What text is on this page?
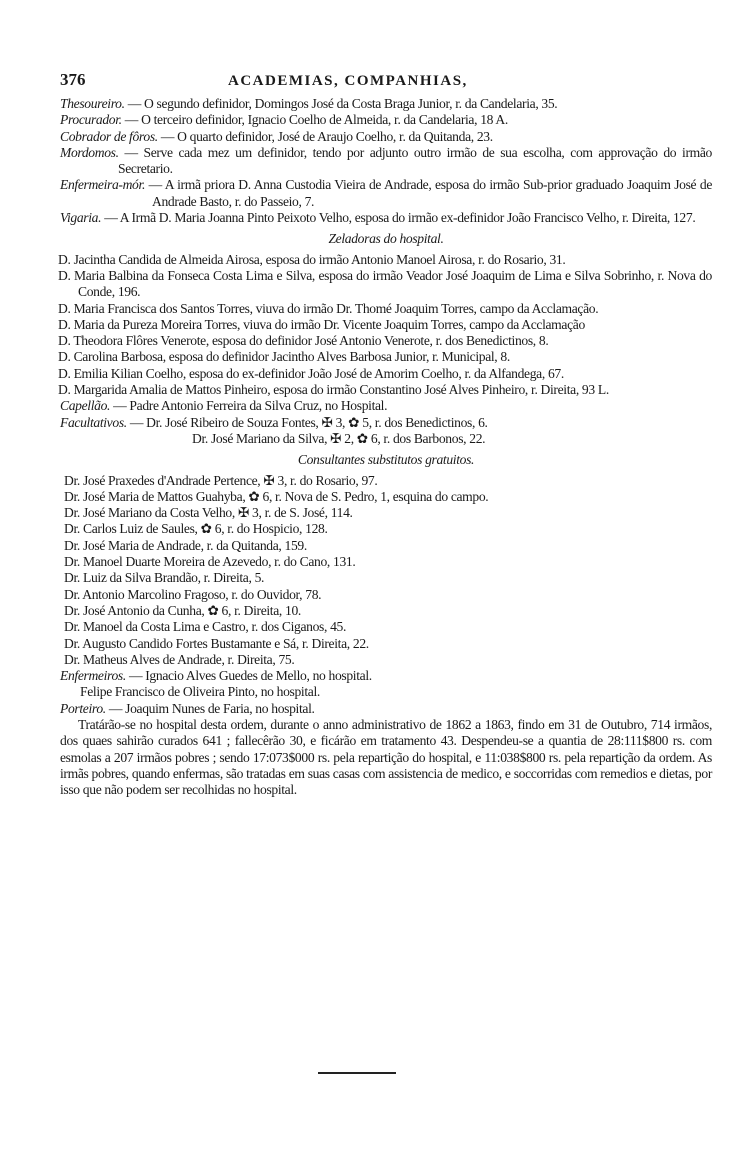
376	ACADEMIAS, COMPANHIAS,
Thesoureiro. — O segundo definidor, Domingos José da Costa Braga Junior, r. da Candelaria, 35.
Procurador. — O terceiro definidor, Ignacio Coelho de Almeida, r. da Candelaria, 18 A.
Cobrador de fôros. — O quarto definidor, José de Araujo Coelho, r. da Quitanda, 23.
Mordomos. — Serve cada mez um definidor, tendo por adjunto outro irmão de sua escolha, com approvação do irmão Secretario.
Enfermeira-mór. — A irmã priora D. Anna Custodia Vieira de Andrade, esposa do irmão Sub-prior graduado Joaquim José de Andrade Basto, r. do Passeio, 7.
Vigaria. — A Irmã D. Maria Joanna Pinto Peixoto Velho, esposa do irmão ex-definidor João Francisco Velho, r. Direita, 127.
Zeladoras do hospital.
D. Jacintha Candida de Almeida Airosa, esposa do irmão Antonio Manoel Airosa, r. do Rosario, 31.
D. Maria Balbina da Fonseca Costa Lima e Silva, esposa do irmão Veador José Joaquim de Lima e Silva Sobrinho, r. Nova do Conde, 196.
D. Maria Francisca dos Santos Torres, viuva do irmão Dr. Thomé Joaquim Torres, campo da Acclamação.
D. Maria da Pureza Moreira Torres, viuva do irmão Dr. Vicente Joaquim Torres, campo da Acclamação
D. Theodora Flôres Venerote, esposa do definidor José Antonio Venerote, r. dos Benedictinos, 8.
D. Carolina Barbosa, esposa do definidor Jacintho Alves Barbosa Junior, r. Municipal, 8.
D. Emilia Kilian Coelho, esposa do ex-definidor João José de Amorim Coelho, r. da Alfandega, 67.
D. Margarida Amalia de Mattos Pinheiro, esposa do irmão Constantino José Alves Pinheiro, r. Direita, 93 L.
Capellão. — Padre Antonio Ferreira da Silva Cruz, no Hospital.
Facultativos. — Dr. José Ribeiro de Souza Fontes, ✠ 3, ✿ 5, r. dos Benedictinos, 6.
Dr. José Mariano da Silva, ✠ 2, ✿ 6, r. dos Barbonos, 22.
Consultantes substitutos gratuitos.
Dr. José Praxedes d'Andrade Pertence, ✠ 3, r. do Rosario, 97.
Dr. José Maria de Mattos Guahyba, ✿ 6, r. Nova de S. Pedro, 1, esquina do campo.
Dr. José Mariano da Costa Velho, ✠ 3, r. de S. José, 114.
Dr. Carlos Luiz de Saules, ✿ 6, r. do Hospicio, 128.
Dr. José Maria de Andrade, r. da Quitanda, 159.
Dr. Manoel Duarte Moreira de Azevedo, r. do Cano, 131.
Dr. Luiz da Silva Brandão, r. Direita, 5.
Dr. Antonio Marcolino Fragoso, r. do Ouvidor, 78.
Dr. José Antonio da Cunha, ✿ 6, r. Direita, 10.
Dr. Manoel da Costa Lima e Castro, r. dos Ciganos, 45.
Dr. Augusto Candido Fortes Bustamante e Sá, r. Direita, 22.
Dr. Matheus Alves de Andrade, r. Direita, 75.
Enfermeiros. — Ignacio Alves Guedes de Mello, no hospital.
Felipe Francisco de Oliveira Pinto, no hospital.
Porteiro. — Joaquim Nunes de Faria, no hospital.
Tratárão-se no hospital desta ordem, durante o anno administrativo de 1862 a 1863, findo em 31 de Outubro, 714 irmãos, dos quaes sahirão curados 641 ; fallecêrão 30, e ficárão em tratamento 43. Despendeu-se a quantia de 28:111$800 rs. com esmolas a 207 irmãos pobres ; sendo 17:073$000 rs. pela repartição do hospital, e 11:038$800 rs. pela repartição da ordem. As irmãs pobres, quando enfermas, são tratadas em suas casas com assistencia de medico, e soccorridas com remedios e dietas, por isso que não podem ser recolhidas no hospital.
